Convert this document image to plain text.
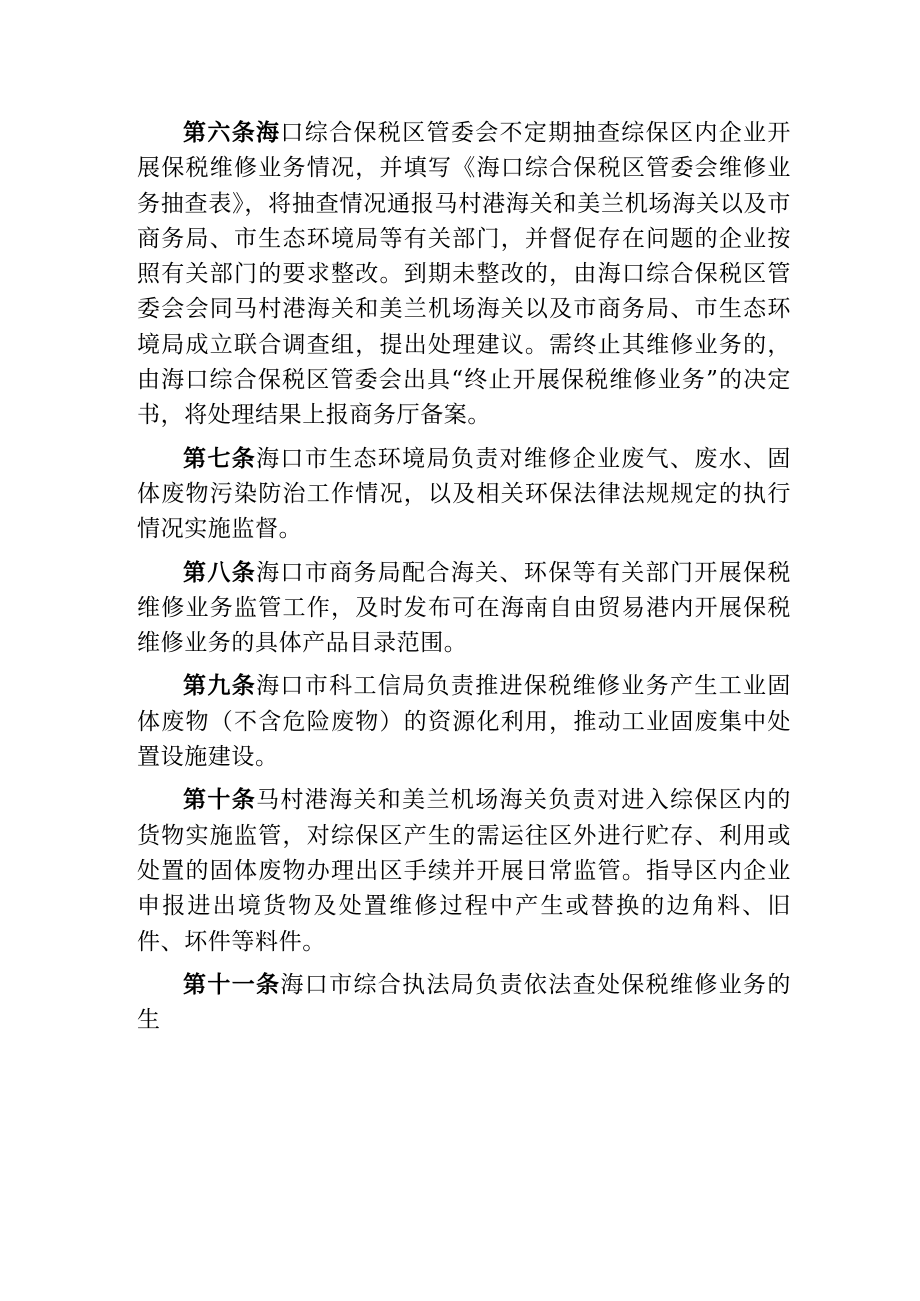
第六条海口综合保税区管委会不定期抽查综保区内企业开展保税维修业务情况，并填写《海口综合保税区管委会维修业务抽查表》，将抽查情况通报马村港海关和美兰机场海关以及市商务局、市生态环境局等有关部门，并督促存在问题的企业按照有关部门的要求整改。到期未整改的，由海口综合保税区管委会会同马村港海关和美兰机场海关以及市商务局、市生态环境局成立联合调查组，提出处理建议。需终止其维修业务的，由海口综合保税区管委会出具“终止开展保税维修业务”的决定书，将处理结果上报商务厅备案。

第七条海口市生态环境局负责对维修企业废气、废水、固体废物污染防治工作情况，以及相关环保法律法规规定的执行情况实施监督。

第八条海口市商务局配合海关、环保等有关部门开展保税维修业务监管工作，及时发布可在海南自由贸易港内开展保税维修业务的具体产品目录范围。

第九条海口市科工信局负责推进保税维修业务产生工业固体废物（不含危险废物）的资源化利用，推动工业固废集中处置设施建设。

第十条马村港海关和美兰机场海关负责对进入综保区内的货物实施监管，对综保区产生的需运往区外进行贮存、利用或处置的固体废物办理出区手续并开展日常监管。指导区内企业申报进出境货物及处置维修过程中产生或替换的边角料、旧件、坏件等料件。

第十一条海口市综合执法局负责依法查处保税维修业务的生
